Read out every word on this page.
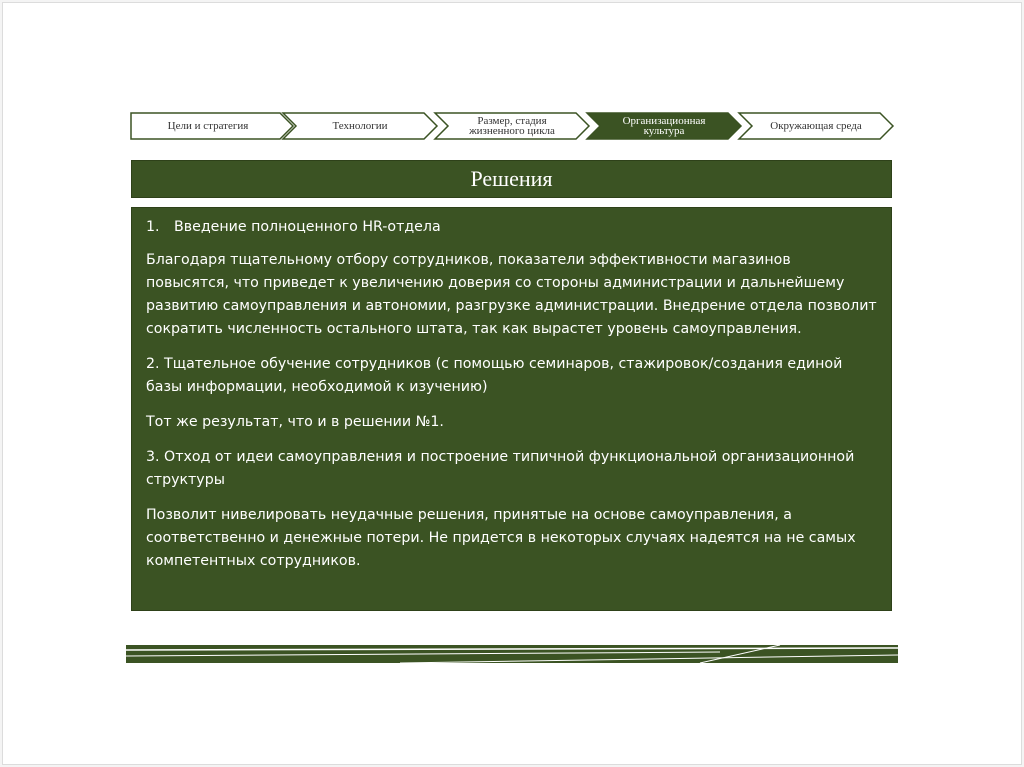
Цели и стратегия	Технологии	Размер, стадия жизненного цикла
Организационная культура	Окружающая среда
Решения

1. Введение полноценного HR-отдела

Благодаря тщательному отбору сотрудников, показатели эффективности магазинов повысятся, что приведет к увеличению доверия со стороны администрации и дальнейшему развитию самоуправления и автономии, разгрузке администрации. Внедрение отдела позволит сократить численность остального штата, так как вырастет уровень самоуправления.

2. Тщательное обучение сотрудников (с помощью семинаров, стажировок/создания единой базы информации, необходимой к изучению)

Тот же результат, что и в решении №1.

3. Отход от идеи самоуправления и построение типичной функциональной организационной структуры

Позволит нивелировать неудачные решения, принятые на основе самоуправления, а соответственно и денежные потери. Не придется в некоторых случаях надеятся на не самых компетентных сотрудников.
